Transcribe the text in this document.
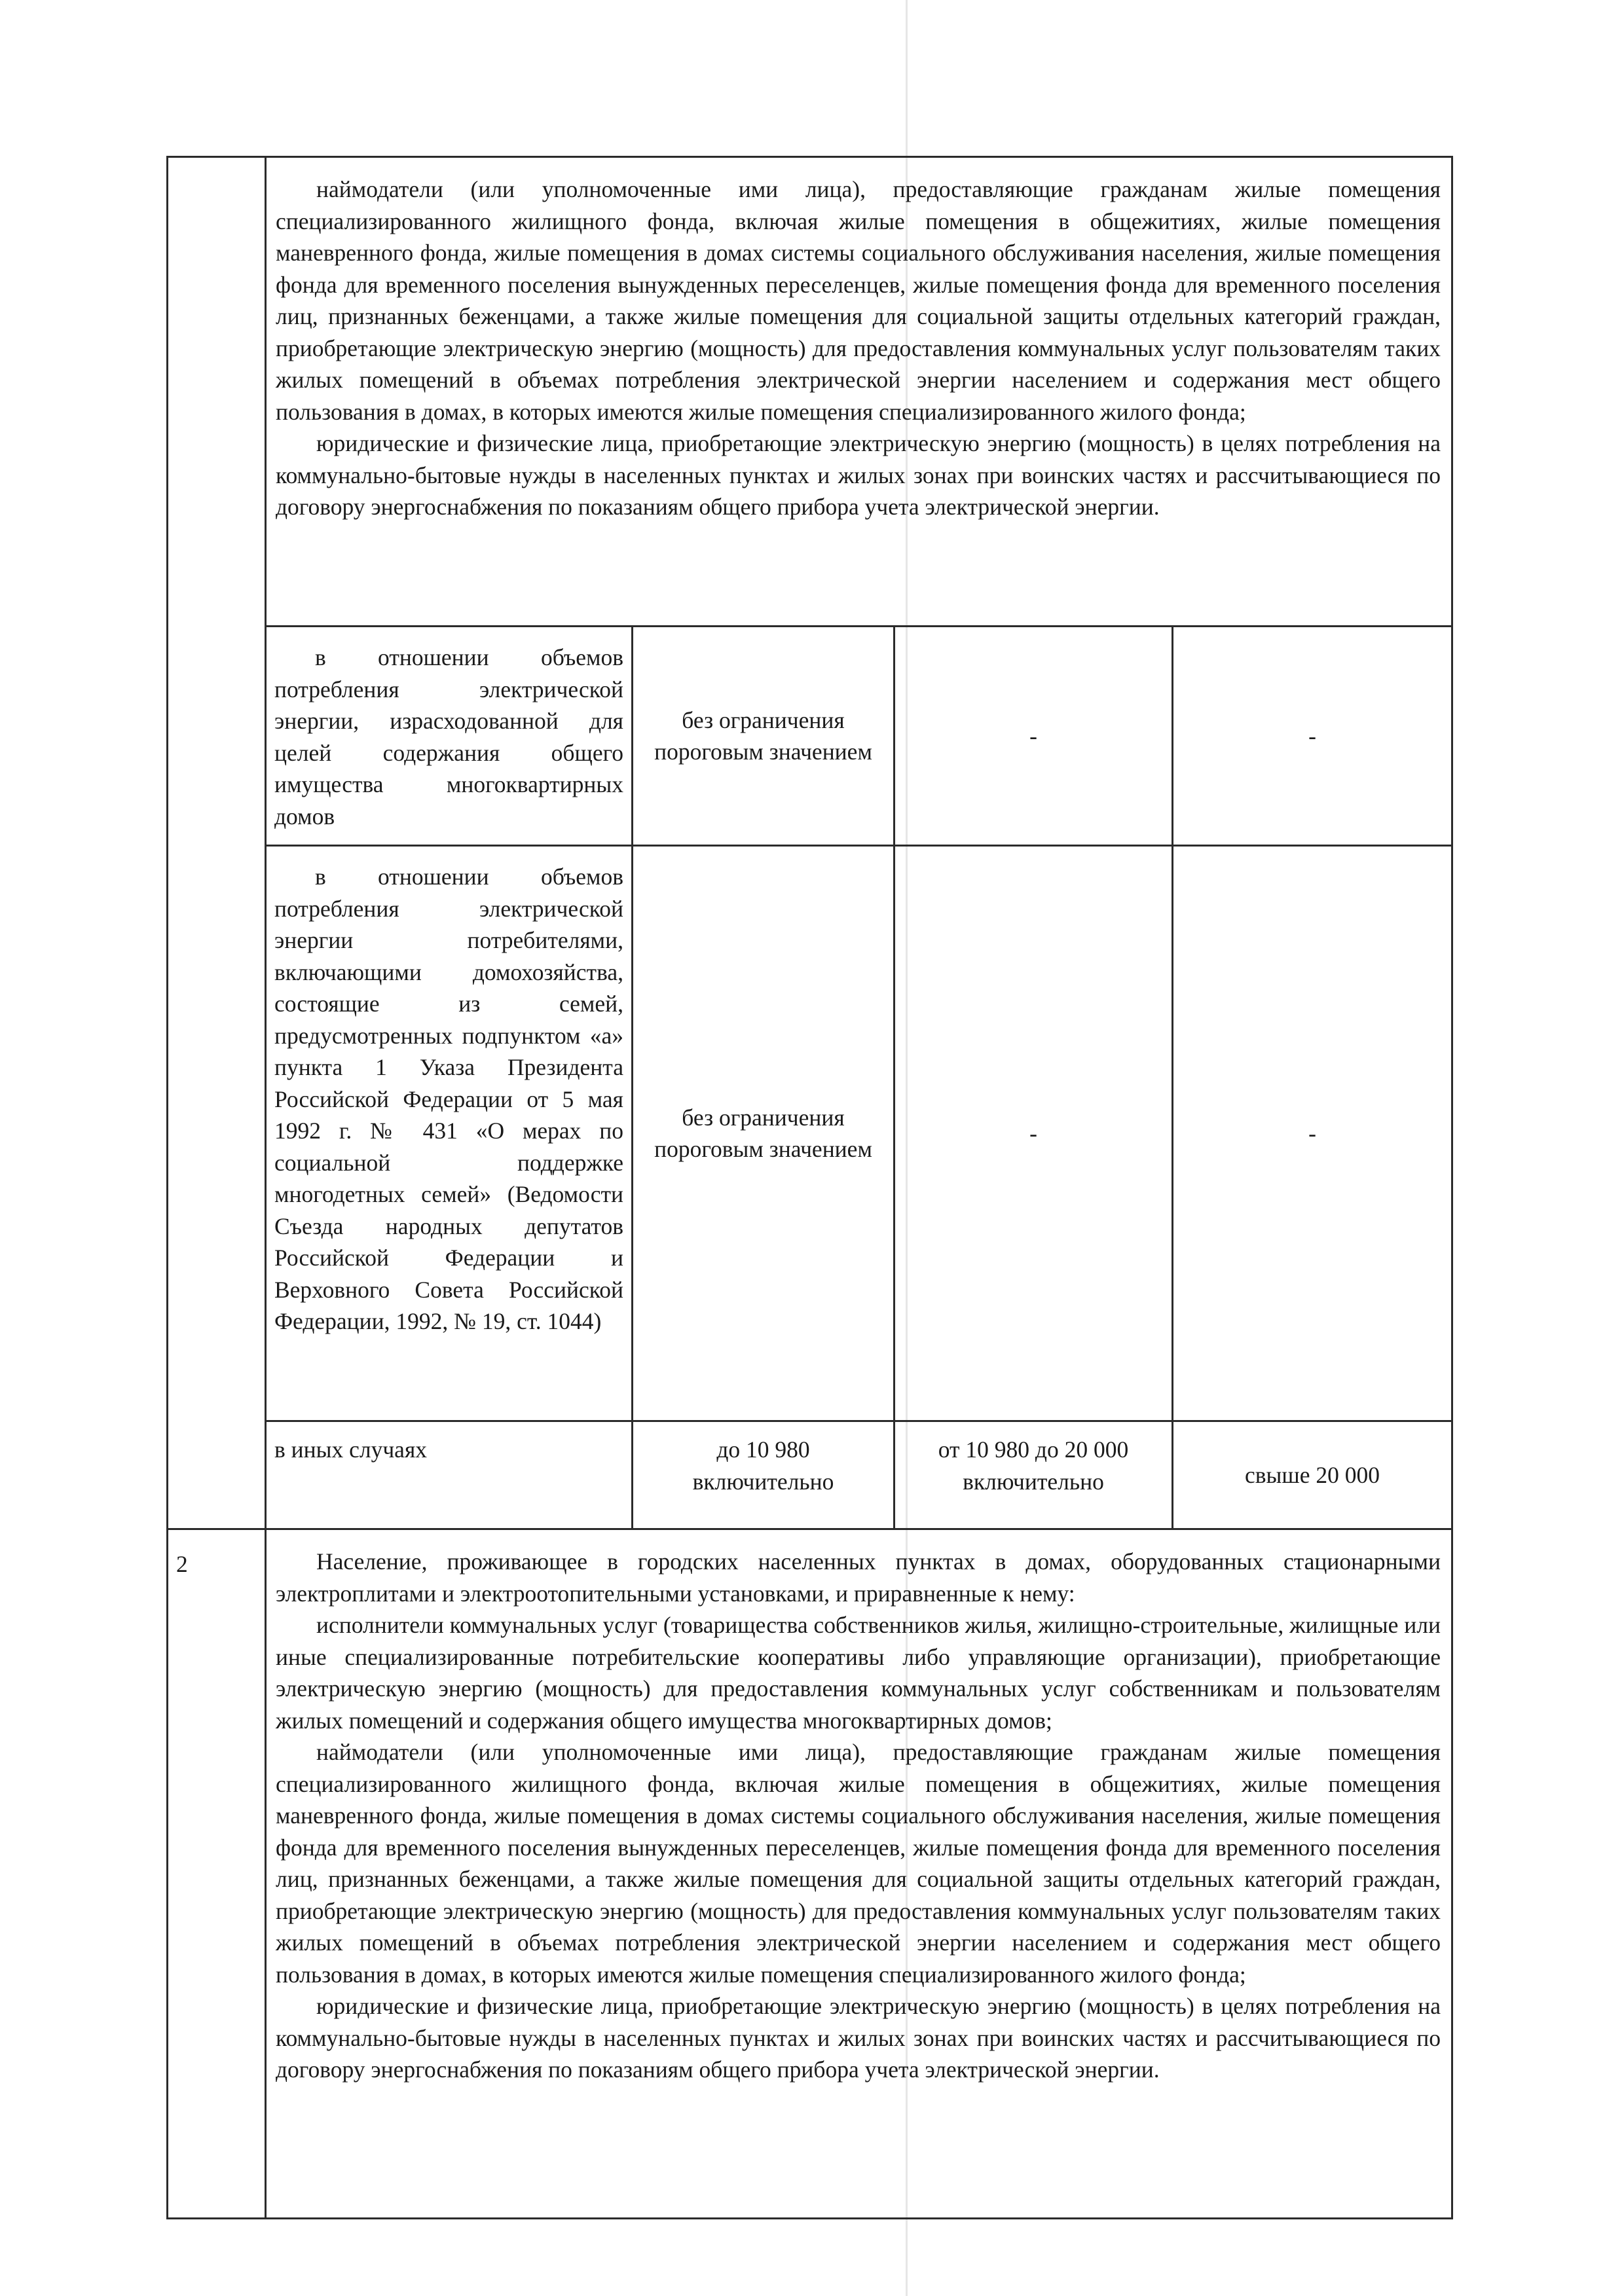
	наймодатели (или уполномоченные ими лица), предоставляющие гражданам жилые помещения специализированного жилищного фонда, включая жилые помещения в общежитиях, жилые помещения маневренного фонда, жилые помещения в домах системы социального обслуживания населения, жилые помещения фонда для временного поселения вынужденных переселенцев, жилые помещения фонда для временного поселения лиц, признанных беженцами, а также жилые помещения для социальной защиты отдельных категорий граждан, приобретающие электрическую энергию (мощность) для предоставления коммунальных услуг пользователям таких жилых помещений в объемах потребления электрической энергии населением и содержания мест общего пользования в домах, в которых имеются жилые помещения специализированного жилого фонда;

юридические и физические лица, приобретающие электрическую энергию (мощность) в целях потребления на коммунально-бытовые нужды в населенных пунктах и жилых зонах при воинских частях и рассчитывающиеся по договору энергоснабжения по показаниям общего прибора учета электрической энергии.			

	в отношении объемов потребления электрической энергии, израсходованной для целей содержания общего имущества многоквартирных домов	без ограничения пороговым значением	-	-

	в отношении объемов потребления электрической энергии потребителями, включающими домохозяйства, состоящие из семей, предусмотренных подпунктом «а» пункта 1 Указа Президента Российской Федерации от 5 мая 1992 г. № 431 «О мерах по социальной поддержке многодетных семей» (Ведомости Съезда народных депутатов Российской Федерации и Верховного Совета Российской Федерации, 1992, № 19, ст. 1044)	без ограничения пороговым значением	-	-
	в иных случаях	до 10 980 включительно	от 10 980 до 20 000 включительно	свыше 20 000
2	Население, проживающее в городских населенных пунктах в домах, оборудованных стационарными электроплитами и электроотопительными установками, и приравненные к нему:

исполнители коммунальных услуг (товарищества собственников жилья, жилищно-строительные, жилищные или иные специализированные потребительские кооперативы либо управляющие организации), приобретающие электрическую энергию (мощность) для предоставления коммунальных услуг собственникам и пользователям жилых помещений и содержания общего имущества многоквартирных домов;

наймодатели (или уполномоченные ими лица), предоставляющие гражданам жилые помещения специализированного жилищного фонда, включая жилые помещения в общежитиях, жилые помещения маневренного фонда, жилые помещения в домах системы социального обслуживания населения, жилые помещения фонда для временного поселения вынужденных переселенцев, жилые помещения фонда для временного поселения лиц, признанных беженцами, а также жилые помещения для социальной защиты отдельных категорий граждан, приобретающие электрическую энергию (мощность) для предоставления коммунальных услуг пользователям таких жилых помещений в объемах потребления электрической энергии населением и содержания мест общего пользования в домах, в которых имеются жилые помещения специализированного жилого фонда;

юридические и физические лица, приобретающие электрическую энергию (мощность) в целях потребления на коммунально-бытовые нужды в населенных пунктах и жилых зонах при воинских частях и рассчитывающиеся по договору энергоснабжения по показаниям общего прибора учета электрической энергии.			
